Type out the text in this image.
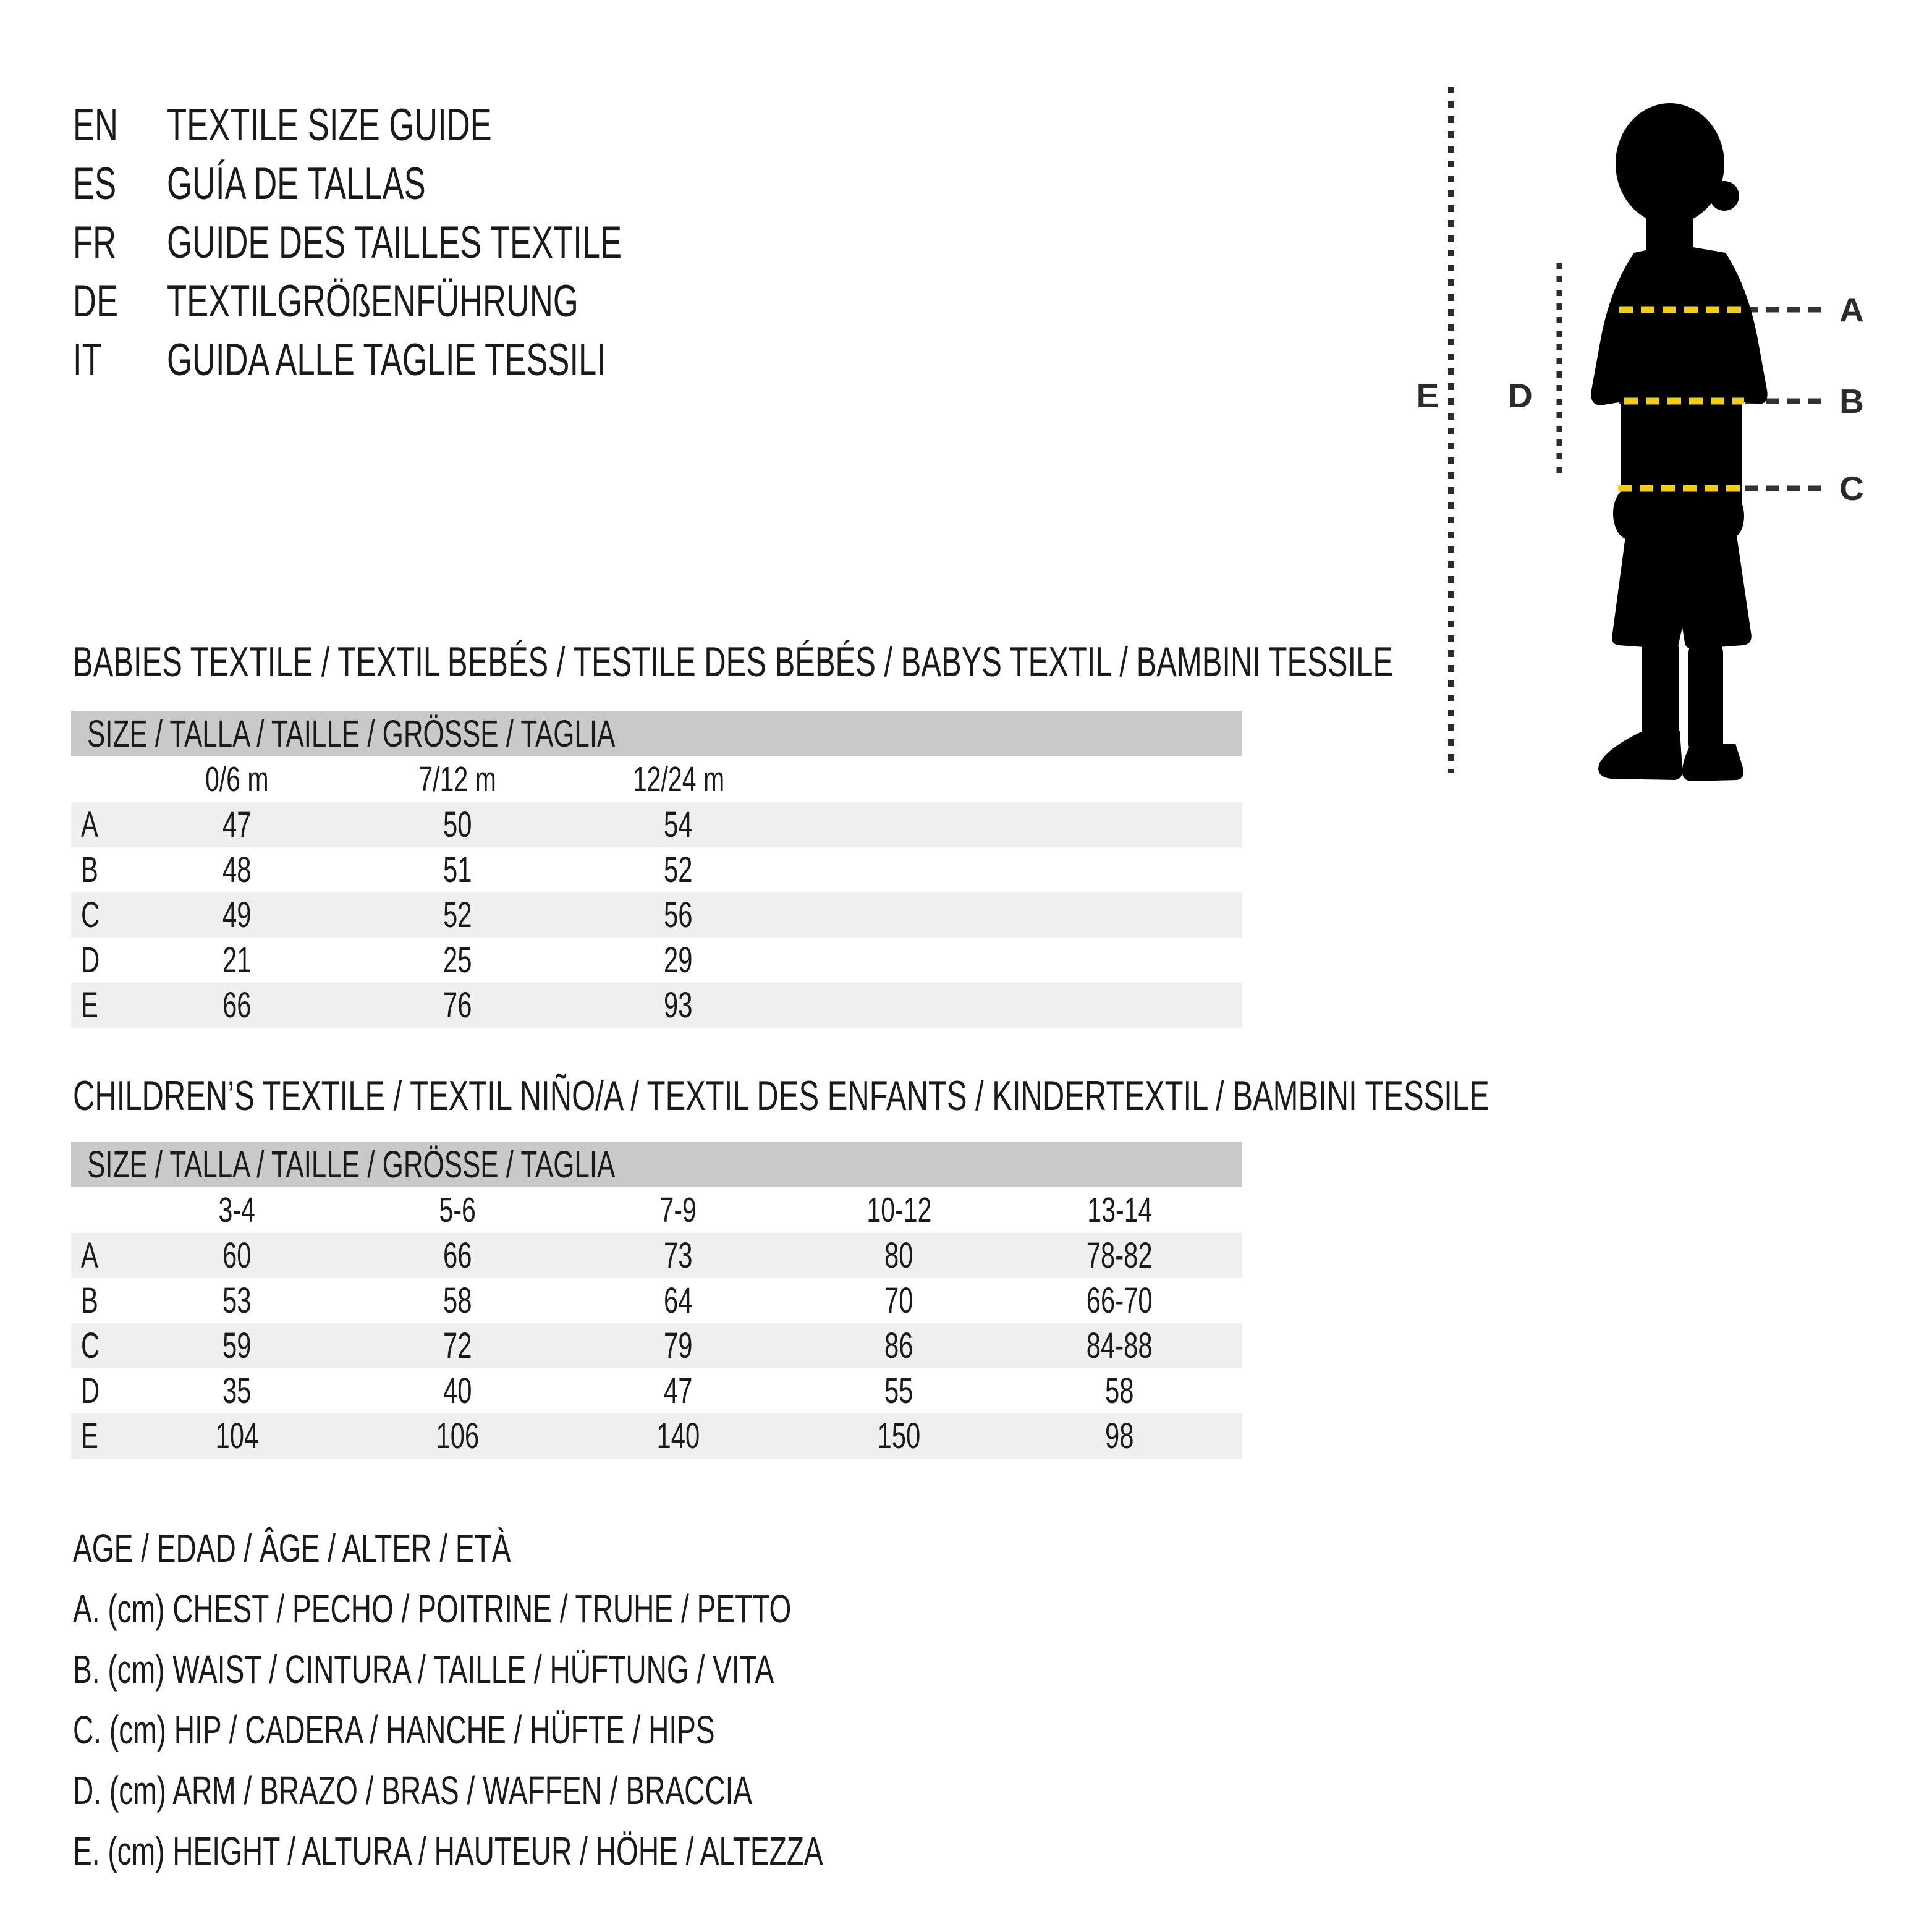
EN	TEXTILE SIZE GUIDE
ES	GUÍA DE TALLAS
FR	GUIDE DES TAILLES TEXTILE
DE	TEXTILGRÖßENFÜHRUNG
IT	GUIDA ALLE TAGLIE TESSILI
BABIES TEXTILE / TEXTIL BEBÉS / TESTILE DES BÉBÉS / BABYS TEXTIL / BAMBINI TESSILE
SIZE / TALLA / TAILLE / GRÖSSE / TAGLIA
0/6 m	7/12 m	12/24 m
A	47	50	54
B	48	51	52
C	49	52	56
D	21	25	29
E	66	76	93
CHILDREN’S TEXTILE / TEXTIL NIÑO/A / TEXTIL DES ENFANTS / KINDERTEXTIL / BAMBINI TESSILE
SIZE / TALLA / TAILLE / GRÖSSE / TAGLIA
3-4	5-6	7-9	10-12	13-14
A	60	66	73	80	78-82
B	53	58	64	70	66-70
C	59	72	79	86	84-88
D	35	40	47	55	58
E	104	106	140	150	98
AGE / EDAD / ÂGE / ALTER / ETÀ
A. (cm) CHEST / PECHO / POITRINE / TRUHE / PETTO
B. (cm) WAIST / CINTURA / TAILLE / HÜFTUNG / VITA
C. (cm) HIP / CADERA / HANCHE / HÜFTE / HIPS
D. (cm) ARM / BRAZO / BRAS / WAFFEN / BRACCIA
E. (cm) HEIGHT / ALTURA / HAUTEUR / HÖHE / ALTEZZA
A
B
C
D
E
